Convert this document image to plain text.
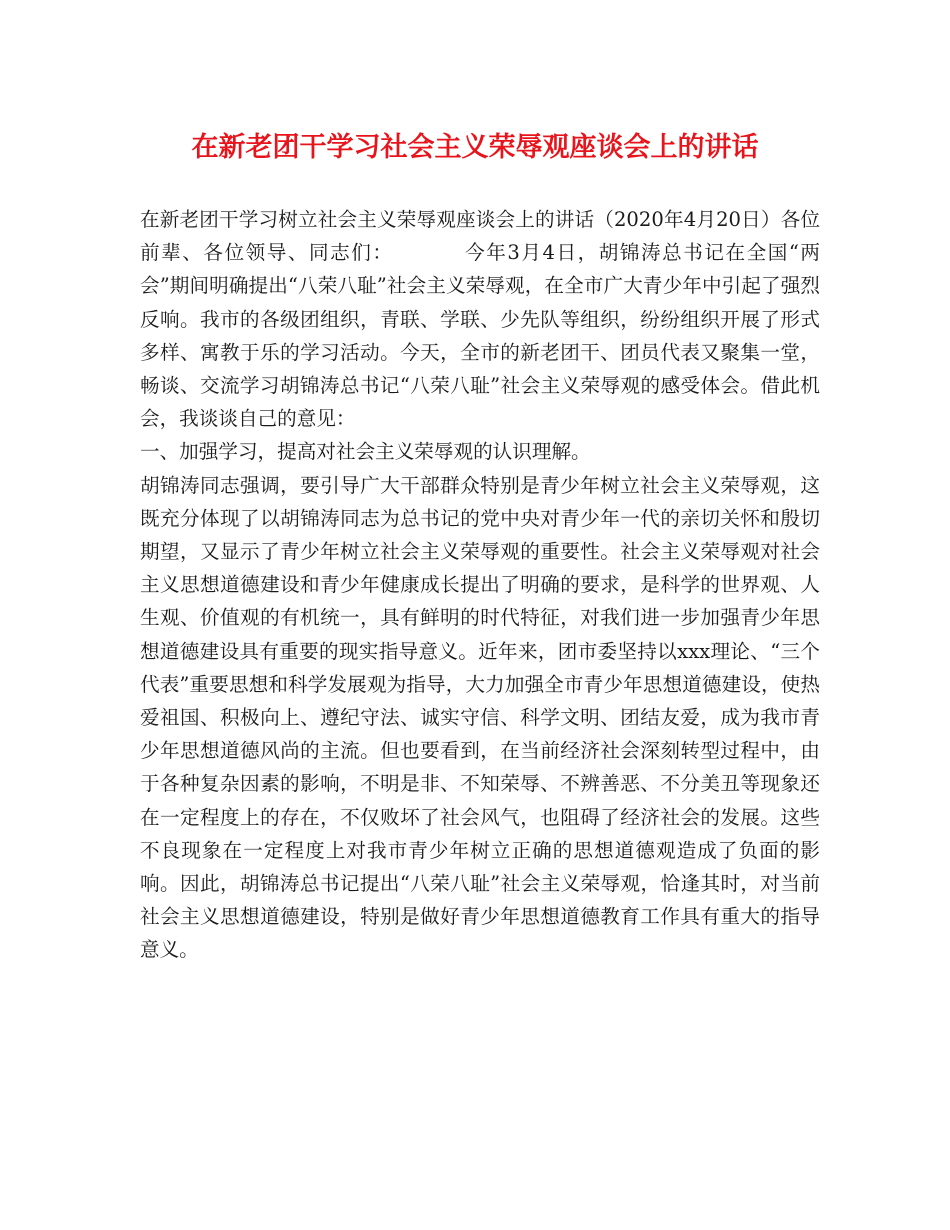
在新老团干学习社会主义荣辱观座谈会上的讲话

在新老团干学习树立社会主义荣辱观座谈会上的讲话（2020年4月20日）各位前辈、各位领导、同志们：	今年3月4日，胡锦涛总书记在全国“两会”期间明确提出“八荣八耻”社会主义荣辱观，在全市广大青少年中引起了强烈反响。我市的各级团组织，青联、学联、少先队等组织，纷纷组织开展了形式多样、寓教于乐的学习活动。今天，全市的新老团干、团员代表又聚集一堂，畅谈、交流学习胡锦涛总书记“八荣八耻”社会主义荣辱观的感受体会。借此机会，我谈谈自己的意见：

一、加强学习，提高对社会主义荣辱观的认识理解。

胡锦涛同志强调，要引导广大干部群众特别是青少年树立社会主义荣辱观，这既充分体现了以胡锦涛同志为总书记的党中央对青少年一代的亲切关怀和殷切期望，又显示了青少年树立社会主义荣辱观的重要性。社会主义荣辱观对社会主义思想道德建设和青少年健康成长提出了明确的要求，是科学的世界观、人生观、价值观的有机统一，具有鲜明的时代特征，对我们进一步加强青少年思想道德建设具有重要的现实指导意义。近年来，团市委坚持以xxx理论、“三个代表”重要思想和科学发展观为指导，大力加强全市青少年思想道德建设，使热爱祖国、积极向上、遵纪守法、诚实守信、科学文明、团结友爱，成为我市青少年思想道德风尚的主流。但也要看到，在当前经济社会深刻转型过程中，由于各种复杂因素的影响，不明是非、不知荣辱、不辨善恶、不分美丑等现象还在一定程度上的存在，不仅败坏了社会风气，也阻碍了经济社会的发展。这些不良现象在一定程度上对我市青少年树立正确的思想道德观造成了负面的影响。因此，胡锦涛总书记提出“八荣八耻”社会主义荣辱观，恰逢其时，对当前社会主义思想道德建设，特别是做好青少年思想道德教育工作具有重大的指导意义。
